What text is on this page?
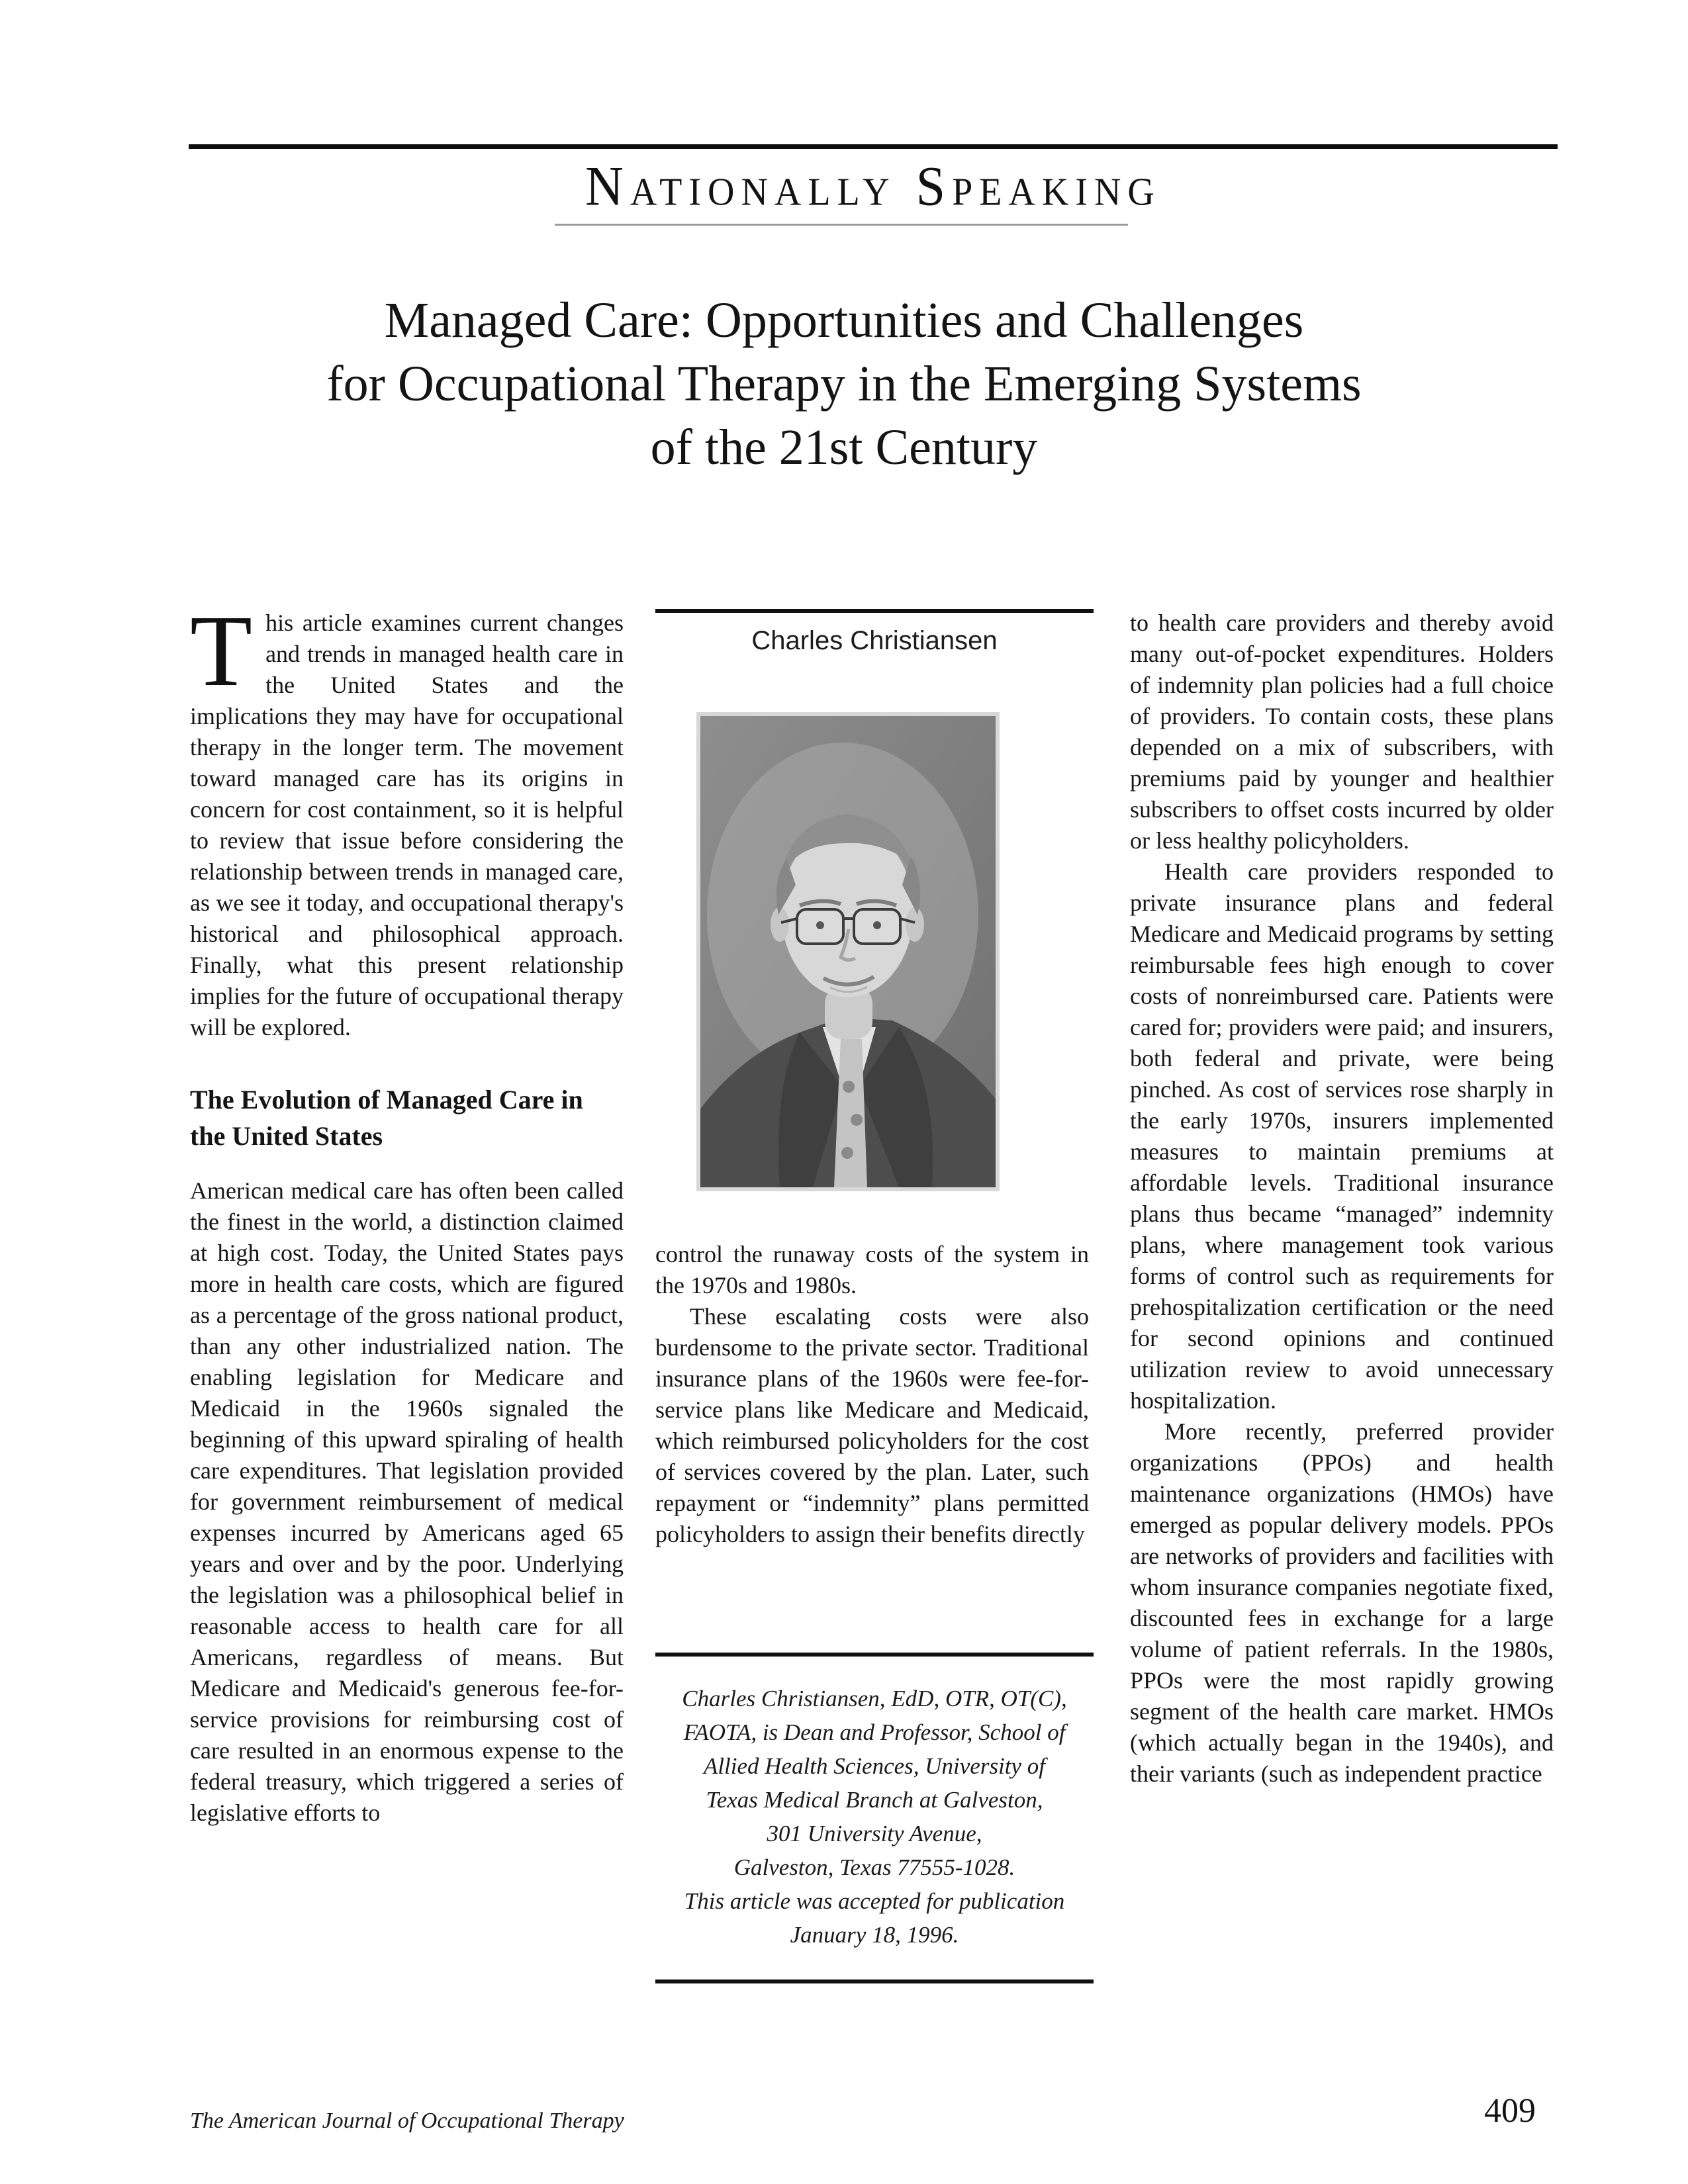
Nationally Speaking
Managed Care: Opportunities and Challenges
for Occupational Therapy in the Emerging Systems
of the 21st Century

This article examines current changes and trends in managed health care in the United States and the implications they may have for occupational therapy in the longer term. The movement toward managed care has its origins in concern for cost containment, so it is helpful to review that issue before considering the relationship between trends in managed care, as we see it today, and occupational therapy's historical and philosophical approach. Finally, what this present relationship implies for the future of occupational therapy will be explored.

The Evolution of Managed Care in the United States

American medical care has often been called the finest in the world, a distinction claimed at high cost. Today, the United States pays more in health care costs, which are figured as a percentage of the gross national product, than any other industrialized nation. The enabling legislation for Medicare and Medicaid in the 1960s signaled the beginning of this upward spiraling of health care expenditures. That legislation provided for government reimbursement of medical expenses incurred by Americans aged 65 years and over and by the poor. Underlying the legislation was a philosophical belief in reasonable access to health care for all Americans, regardless of means. But Medicare and Medicaid's generous fee-for-service provisions for reimbursing cost of care resulted in an enormous expense to the federal treasury, which triggered a series of legislative efforts to

Charles Christiansen

control the runaway costs of the system in the 1970s and 1980s.

These escalating costs were also burdensome to the private sector. Traditional insurance plans of the 1960s were fee-for-service plans like Medicare and Medicaid, which reimbursed policyholders for the cost of services covered by the plan. Later, such repayment or “indemnity” plans permitted policyholders to assign their benefits directly

Charles Christiansen, EdD, OTR, OT(C),
FAOTA, is Dean and Professor, School of
Allied Health Sciences, University of
Texas Medical Branch at Galveston,
301 University Avenue,
Galveston, Texas 77555-1028.
This article was accepted for publication
January 18, 1996.

to health care providers and thereby avoid many out-of-pocket expenditures. Holders of indemnity plan policies had a full choice of providers. To contain costs, these plans depended on a mix of subscribers, with premiums paid by younger and healthier subscribers to offset costs incurred by older or less healthy policyholders.

Health care providers responded to private insurance plans and federal Medicare and Medicaid programs by setting reimbursable fees high enough to cover costs of nonreimbursed care. Patients were cared for; providers were paid; and insurers, both federal and private, were being pinched. As cost of services rose sharply in the early 1970s, insurers implemented measures to maintain premiums at affordable levels. Traditional insurance plans thus became “managed” indemnity plans, where management took various forms of control such as requirements for prehospitalization certification or the need for second opinions and continued utilization review to avoid unnecessary hospitalization.

More recently, preferred provider organizations (PPOs) and health maintenance organizations (HMOs) have emerged as popular delivery models. PPOs are networks of providers and facilities with whom insurance companies negotiate fixed, discounted fees in exchange for a large volume of patient referrals. In the 1980s, PPOs were the most rapidly growing segment of the health care market. HMOs (which actually began in the 1940s), and their variants (such as independent practice

The American Journal of Occupational Therapy	409
